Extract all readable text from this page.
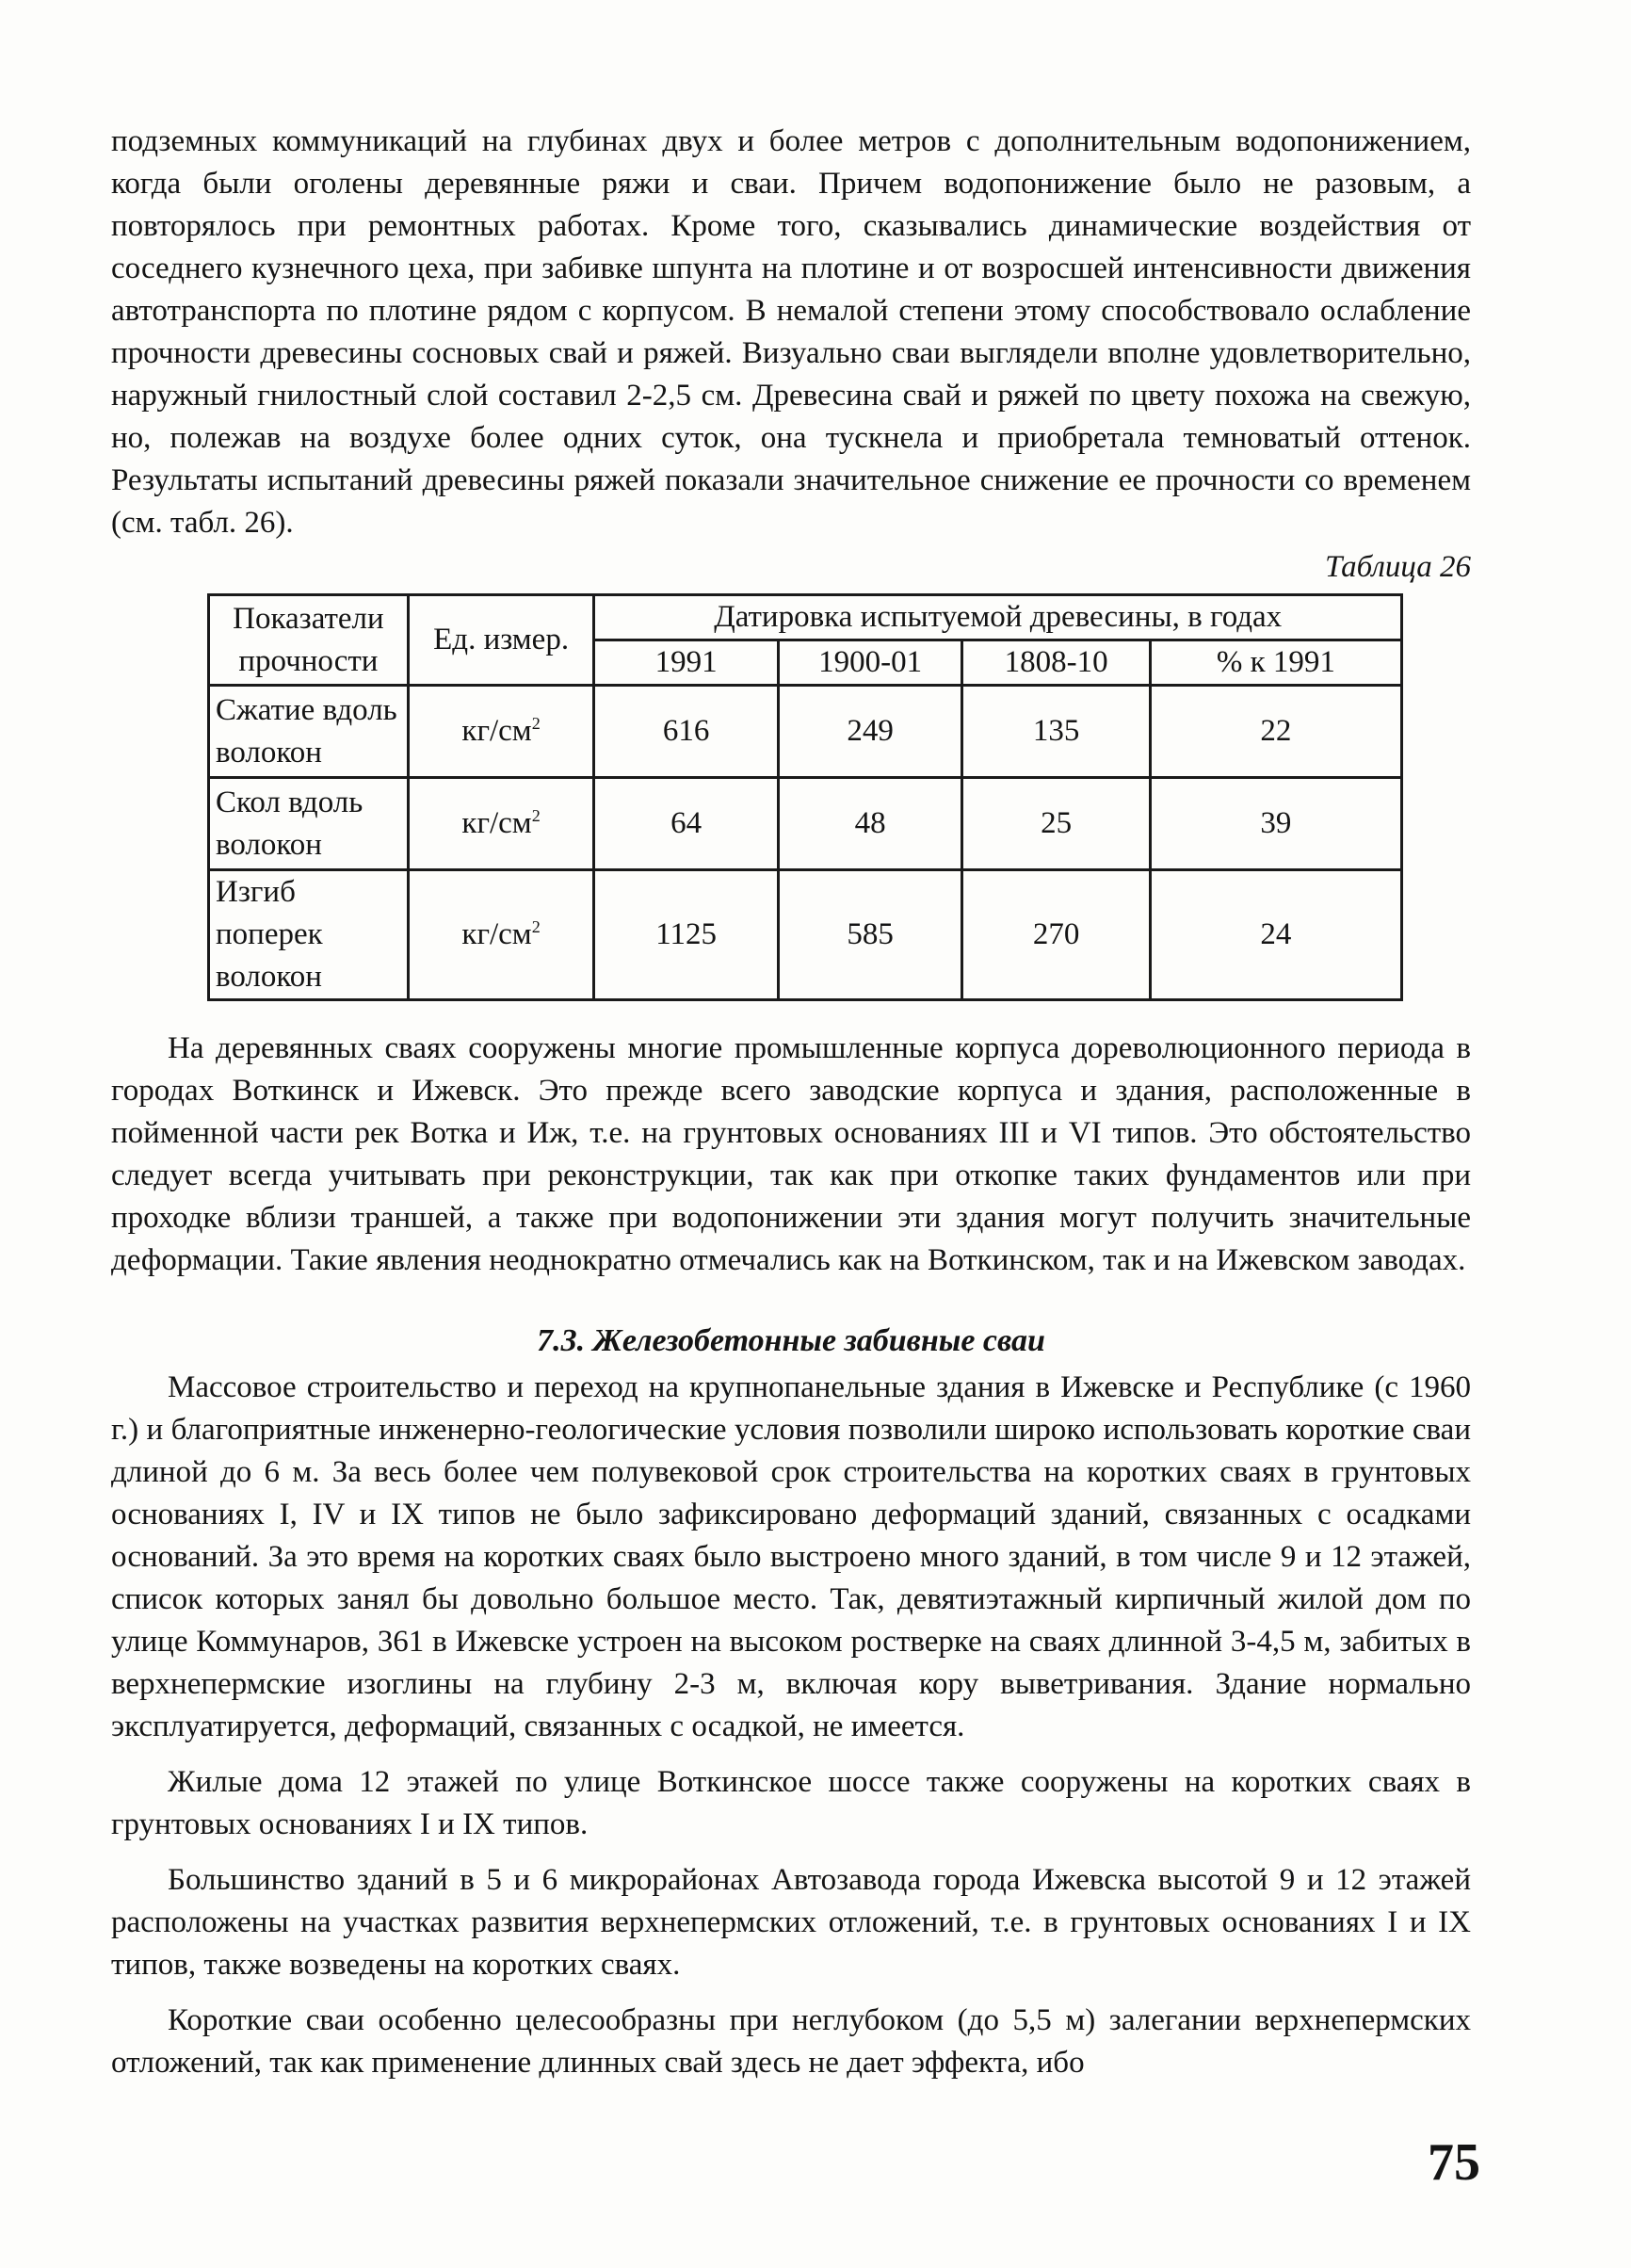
подземных коммуникаций на глубинах двух и более метров с дополнительным водопонижением, когда были оголены деревянные ряжи и сваи. Причем водопонижение было не разовым, а повторялось при ремонтных работах. Кроме того, сказывались динамические воздействия от соседнего кузнечного цеха, при забивке шпунта на плотине и от возросшей интенсивности движения автотранспорта по плотине рядом с корпусом. В немалой степени этому способствовало ослабление прочности древесины сосновых свай и ряжей. Визуально сваи выглядели вполне удовлетворительно, наружный гнилостный слой составил 2-2,5 см. Древесина свай и ряжей по цвету похожа на свежую, но, полежав на воздухе более одних суток, она тускнела и приобретала темноватый оттенок. Результаты испытаний древесины ряжей показали значительное снижение ее прочности со временем (см. табл. 26).

Таблица 26
Показатели прочности	Ед. измер.	Датировка испытуемой древесины, в годах			
		1991	1900-01	1808-10	% к 1991
Сжатие вдоль волокон	$кг/см^2$	616	249	135	22
Скол вдоль волокон	$кг/см^2$	64	48	25	39
Изгиб поперек волокон	$кг/см^2$	1125	585	270	24

На деревянных сваях сооружены многие промышленные корпуса дореволюционного периода в городах Воткинск и Ижевск. Это прежде всего заводские корпуса и здания, расположенные в пойменной части рек Вотка и Иж, т.е. на грунтовых основаниях III и VI типов. Это обстоятельство следует всегда учитывать при реконструкции, так как при откопке таких фундаментов или при проходке вблизи траншей, а также при водопонижении эти здания могут получить значительные деформации. Такие явления неоднократно отмечались как на Воткинском, так и на Ижевском заводах.

7.3. Железобетонные забивные сваи

Массовое строительство и переход на крупнопанельные здания в Ижевске и Республике (с 1960 г.) и благоприятные инженерно-геологические условия позволили широко использовать короткие сваи длиной до 6 м. За весь более чем полувековой срок строительства на коротких сваях в грунтовых основаниях I, IV и IX типов не было зафиксировано деформаций зданий, связанных с осадками оснований. За это время на коротких сваях было выстроено много зданий, в том числе 9 и 12 этажей, список которых занял бы довольно большое место. Так, девятиэтажный кирпичный жилой дом по улице Коммунаров, 361 в Ижевске устроен на высоком ростверке на сваях длинной 3-4,5 м, забитых в верхнепермские изоглины на глубину 2-3 м, включая кору выветривания. Здание нормально эксплуатируется, деформаций, связанных с осадкой, не имеется.

Жилые дома 12 этажей по улице Воткинское шоссе также сооружены на коротких сваях в грунтовых основаниях I и IX типов.

Большинство зданий в 5 и 6 микрорайонах Автозавода города Ижевска высотой 9 и 12 этажей расположены на участках развития верхнепермских отложений, т.е. в грунтовых основаниях I и IX типов, также возведены на коротких сваях.

Короткие сваи особенно целесообразны при неглубоком (до 5,5 м) залегании верхнепермских отложений, так как применение длинных свай здесь не дает эффекта, ибо

75
